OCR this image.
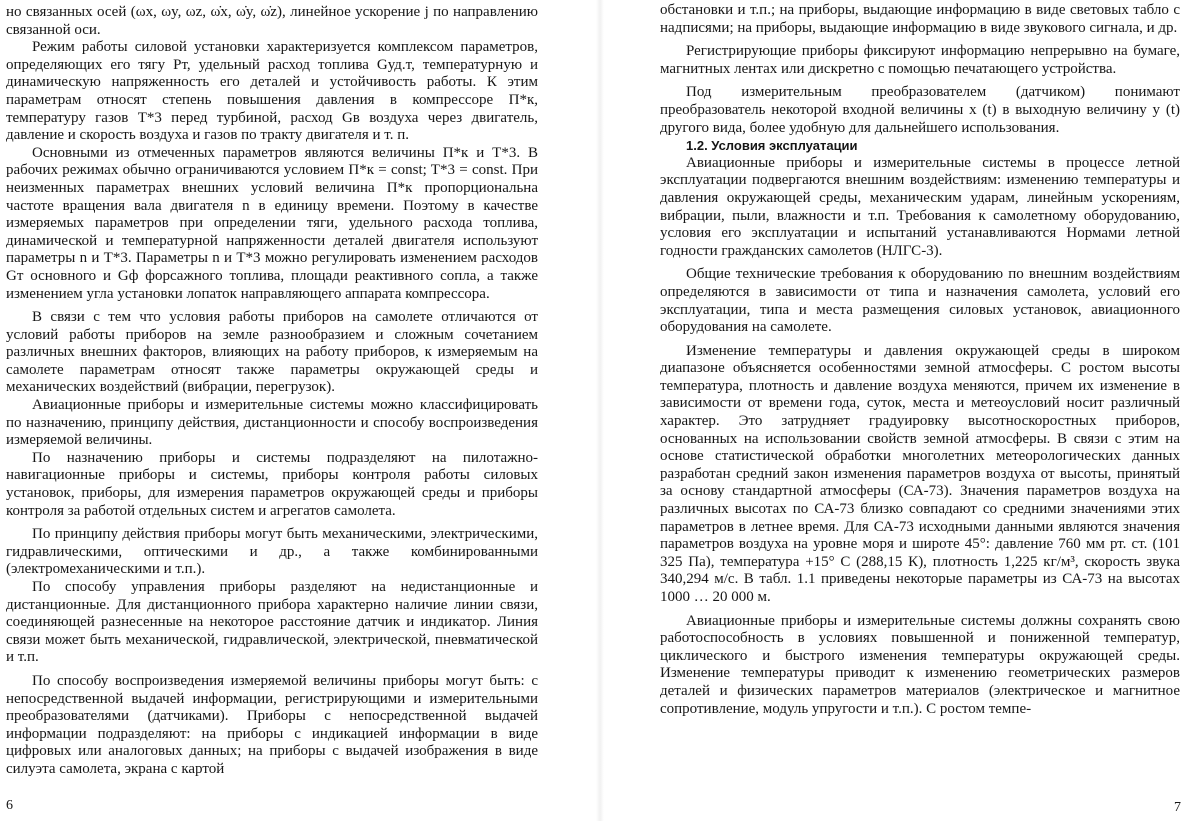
но связанных осей (ωx, ωy, ωz, ω̇x, ω̇y, ω̇z), линейное ускорение j по направлению связанной оси.

Режим работы силовой установки характеризуется комплексом параметров, определяющих его тягу Pт, удельный расход топлива Gуд.т, температурную и динамическую напряженность его деталей и устойчивость работы. К этим параметрам относят степень повышения давления в компрессоре П*к, температуру газов T*3 перед турбиной, расход Gв воздуха через двигатель, давление и скорость воздуха и газов по тракту двигателя и т. п.

Основными из отмеченных параметров являются величины П*к и T*3. В рабочих режимах обычно ограничиваются условием П*к = const; T*3 = const. При неизменных параметрах внешних условий величина П*к пропорциональна частоте вращения вала двигателя n в единицу времени. Поэтому в качестве измеряемых параметров при определении тяги, удельного расхода топлива, динамической и температурной напряженности деталей двигателя используют параметры n и T*3. Параметры n и T*3 можно регулировать изменением расходов Gт основного и Gф форсажного топлива, площади реактивного сопла, а также изменением угла установки лопаток направляющего аппарата компрессора.

В связи с тем что условия работы приборов на самолете отличаются от условий работы приборов на земле разнообразием и сложным сочетанием различных внешних факторов, влияющих на работу приборов, к измеряемым на самолете параметрам относят также параметры окружающей среды и механических воздействий (вибрации, перегрузок).

Авиационные приборы и измерительные системы можно классифицировать по назначению, принципу действия, дистанционности и способу воспроизведения измеряемой величины.

По назначению приборы и системы подразделяют на пилотажно-навигационные приборы и системы, приборы контроля работы силовых установок, приборы, для измерения параметров окружающей среды и приборы контроля за работой отдельных систем и агрегатов самолета.

По принципу действия приборы могут быть механическими, электрическими, гидравлическими, оптическими и др., а также комбинированными (электромеханическими и т.п.).

По способу управления приборы разделяют на недистанционные и дистанционные. Для дистанционного прибора характерно наличие линии связи, соединяющей разнесенные на некоторое расстояние датчик и индикатор. Линия связи может быть механической, гидравлической, электрической, пневматической и т.п.

По способу воспроизведения измеряемой величины приборы могут быть: с непосредственной выдачей информации, регистрирующими и измерительными преобразователями (датчиками). Приборы с непосредственной выдачей информации подразделяют: на приборы с индикацией информации в виде цифровых или аналоговых данных; на приборы с выдачей изображения в виде силуэта самолета, экрана с картой

6

обстановки и т.п.; на приборы, выдающие информацию в виде световых табло с надписями; на приборы, выдающие информацию в виде звукового сигнала, и др.

Регистрирующие приборы фиксируют информацию непрерывно на бумаге, магнитных лентах или дискретно с помощью печатающего устройства.

Под измерительным преобразователем (датчиком) понимают преобразователь некоторой входной величины x (t) в выходную величину y (t) другого вида, более удобную для дальнейшего использования.

1.2. Условия эксплуатации

Авиационные приборы и измерительные системы в процессе летной эксплуатации подвергаются внешним воздействиям: изменению температуры и давления окружающей среды, механическим ударам, линейным ускорениям, вибрации, пыли, влажности и т.п. Требования к самолетному оборудованию, условия его эксплуатации и испытаний устанавливаются Нормами летной годности гражданских самолетов (НЛГС-3).

Общие технические требования к оборудованию по внешним воздействиям определяются в зависимости от типа и назначения самолета, условий его эксплуатации, типа и места размещения силовых установок, авиационного оборудования на самолете.

Изменение температуры и давления окружающей среды в широком диапазоне объясняется особенностями земной атмосферы. С ростом высоты температура, плотность и давление воздуха меняются, причем их изменение в зависимости от времени года, суток, места и метеоусловий носит различный характер. Это затрудняет градуировку высотноскоростных приборов, основанных на использовании свойств земной атмосферы. В связи с этим на основе статистической обработки многолетних метеорологических данных разработан средний закон изменения параметров воздуха от высоты, принятый за основу стандартной атмосферы (СА-73). Значения параметров воздуха на различных высотах по СА-73 близко совпадают со средними значениями этих параметров в летнее время. Для СА-73 исходными данными являются значения параметров воздуха на уровне моря и широте 45°: давление 760 мм рт. ст. (101 325 Па), температура +15° С (288,15 К), плотность 1,225 кг/м³, скорость звука 340,294 м/с. В табл. 1.1 приведены некоторые параметры из СА-73 на высотах 1000 … 20 000 м.

Авиационные приборы и измерительные системы должны сохранять свою работоспособность в условиях повышенной и пониженной температур, циклического и быстрого изменения температуры окружающей среды. Изменение температуры приводит к изменению геометрических размеров деталей и физических параметров материалов (электрическое и магнитное сопротивление, модуль упругости и т.п.). С ростом темпе-

7
